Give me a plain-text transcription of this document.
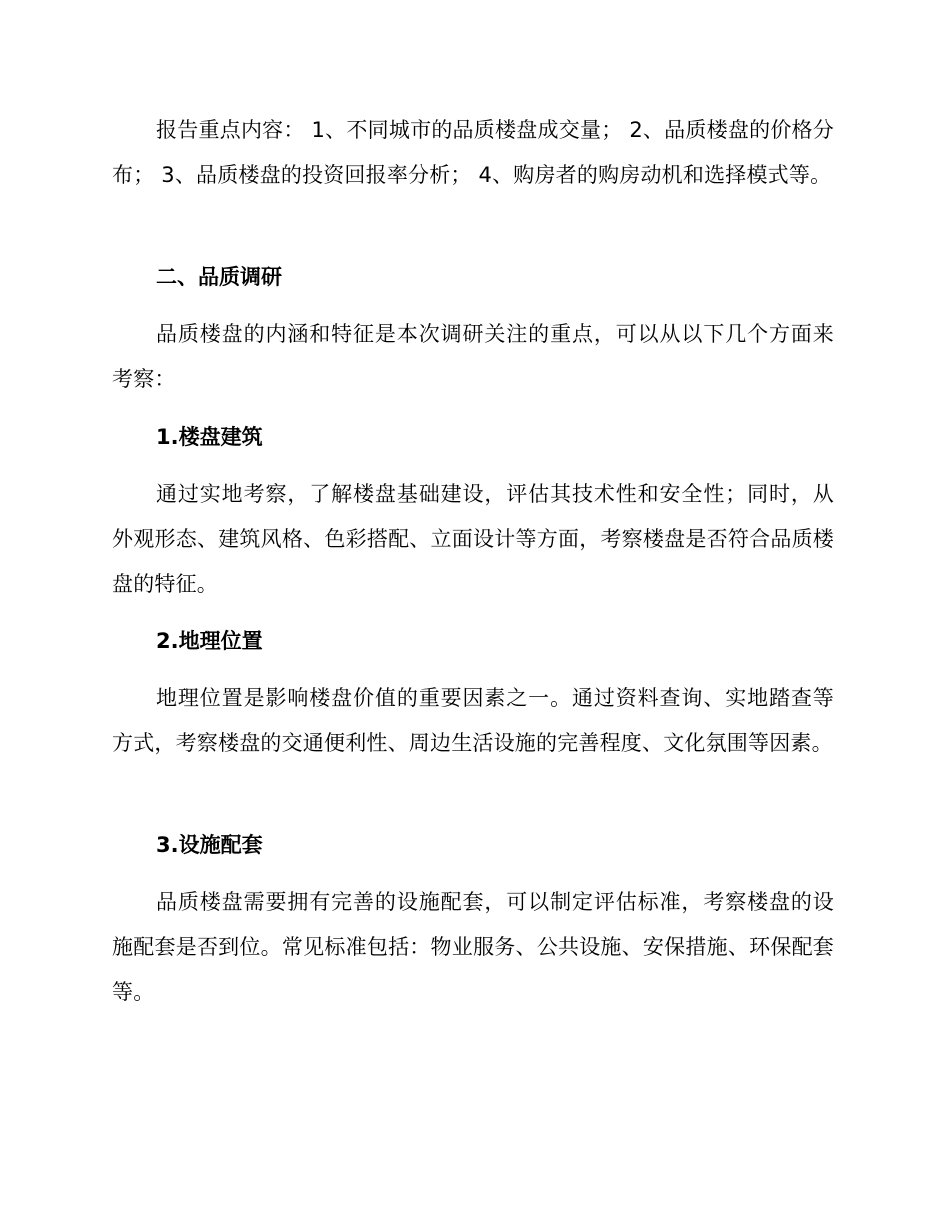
报告重点内容： 1、不同城市的品质楼盘成交量； 2、品质楼盘的价格分布； 3、品质楼盘的投资回报率分析； 4、购房者的购房动机和选择模式等。

二、品质调研

品质楼盘的内涵和特征是本次调研关注的重点，可以从以下几个方面来考察：

1.楼盘建筑

通过实地考察，了解楼盘基础建设，评估其技术性和安全性；同时，从外观形态、建筑风格、色彩搭配、立面设计等方面，考察楼盘是否符合品质楼盘的特征。

2.地理位置

地理位置是影响楼盘价值的重要因素之一。通过资料查询、实地踏查等方式，考察楼盘的交通便利性、周边生活设施的完善程度、文化氛围等因素。

3.设施配套

品质楼盘需要拥有完善的设施配套，可以制定评估标准，考察楼盘的设施配套是否到位。常见标准包括：物业服务、公共设施、安保措施、环保配套等。
